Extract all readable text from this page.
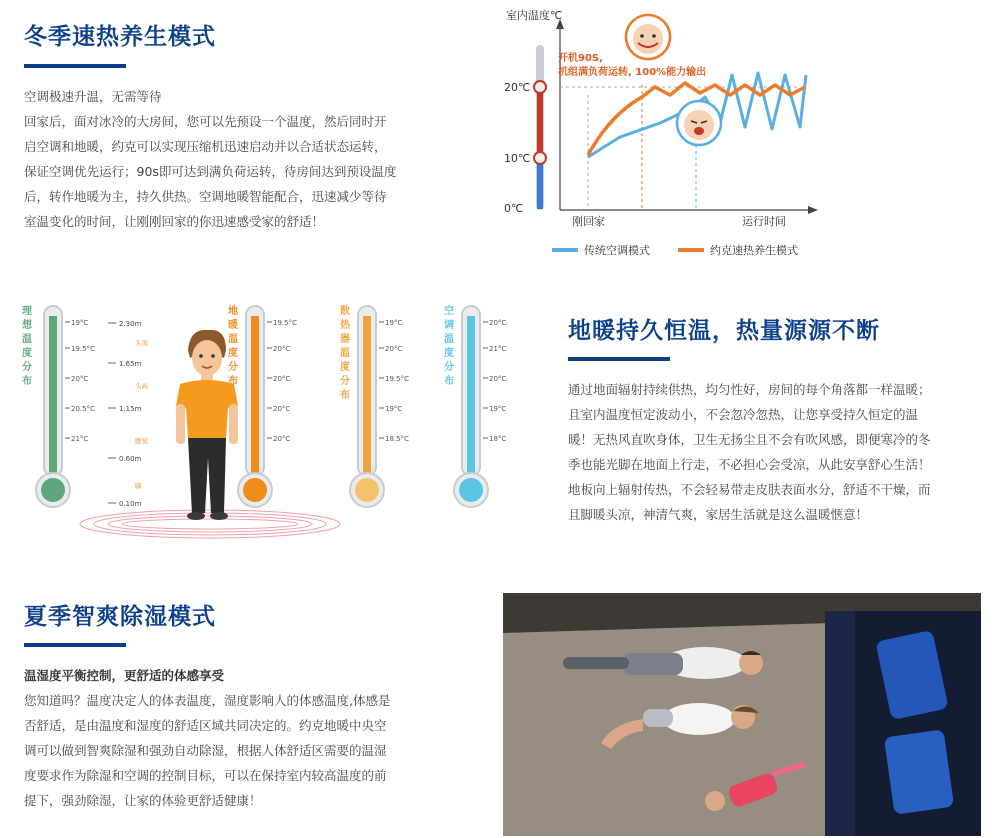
冬季速热养生模式

空调极速升温，无需等待

回家后，面对冰冷的大房间，您可以先预设一个温度，然后同时开

启空调和地暖，约克可以实现压缩机迅速启动并以合适状态运转，

保证空调优先运行；90s即可达到满负荷运转，待房间达到预设温度

后，转作地暖为主，持久供热。空调地暖智能配合，迅速减少等待

室温变化的时间，让刚刚回家的你迅速感受家的舒适！

室内温度℃
20℃
10℃
0℃
刚回家	运行时间
开机90S,
机组满负荷运转, 100%能力输出
传统空调模式	约克速热养生模式
理想温度分布
19°C
19.5°C
20°C
20.5°C
21°C
2.30m
1.65m
1.15m
0.60m
0.10m
头顶
头高
腰觉
脚
地暖温度分布
19.5°C
20°C
20°C
20°C
20°C
散热器温度分布
19°C
20°C
19.5°C
19°C
18.5°C
空调温度分布
20°C
21°C
20°C
19°C
18°C
地暖持久恒温，热量源源不断

通过地面辐射持续供热，均匀性好，房间的每个角落都一样温暖；

且室内温度恒定波动小，不会忽冷忽热，让您享受持久恒定的温

暖！无热风直吹身体，卫生无扬尘且不会有吹风感，即便寒冷的冬

季也能光脚在地面上行走，不必担心会受凉，从此安享舒心生活！

地板向上辐射传热，不会轻易带走皮肤表面水分，舒适不干燥，而

且脚暖头凉，神清气爽，家居生活就是这么温暖惬意！

夏季智爽除湿模式

温湿度平衡控制，更舒适的体感享受

您知道吗？温度决定人的体表温度，湿度影响人的体感温度,体感是

否舒适，是由温度和湿度的舒适区域共同决定的。约克地暖中央空

调可以做到智爽除湿和强劲自动除湿，根据人体舒适区需要的温湿

度要求作为除湿和空调的控制目标，可以在保持室内较高温度的前

提下，强劲除湿，让家的体验更舒适健康！
